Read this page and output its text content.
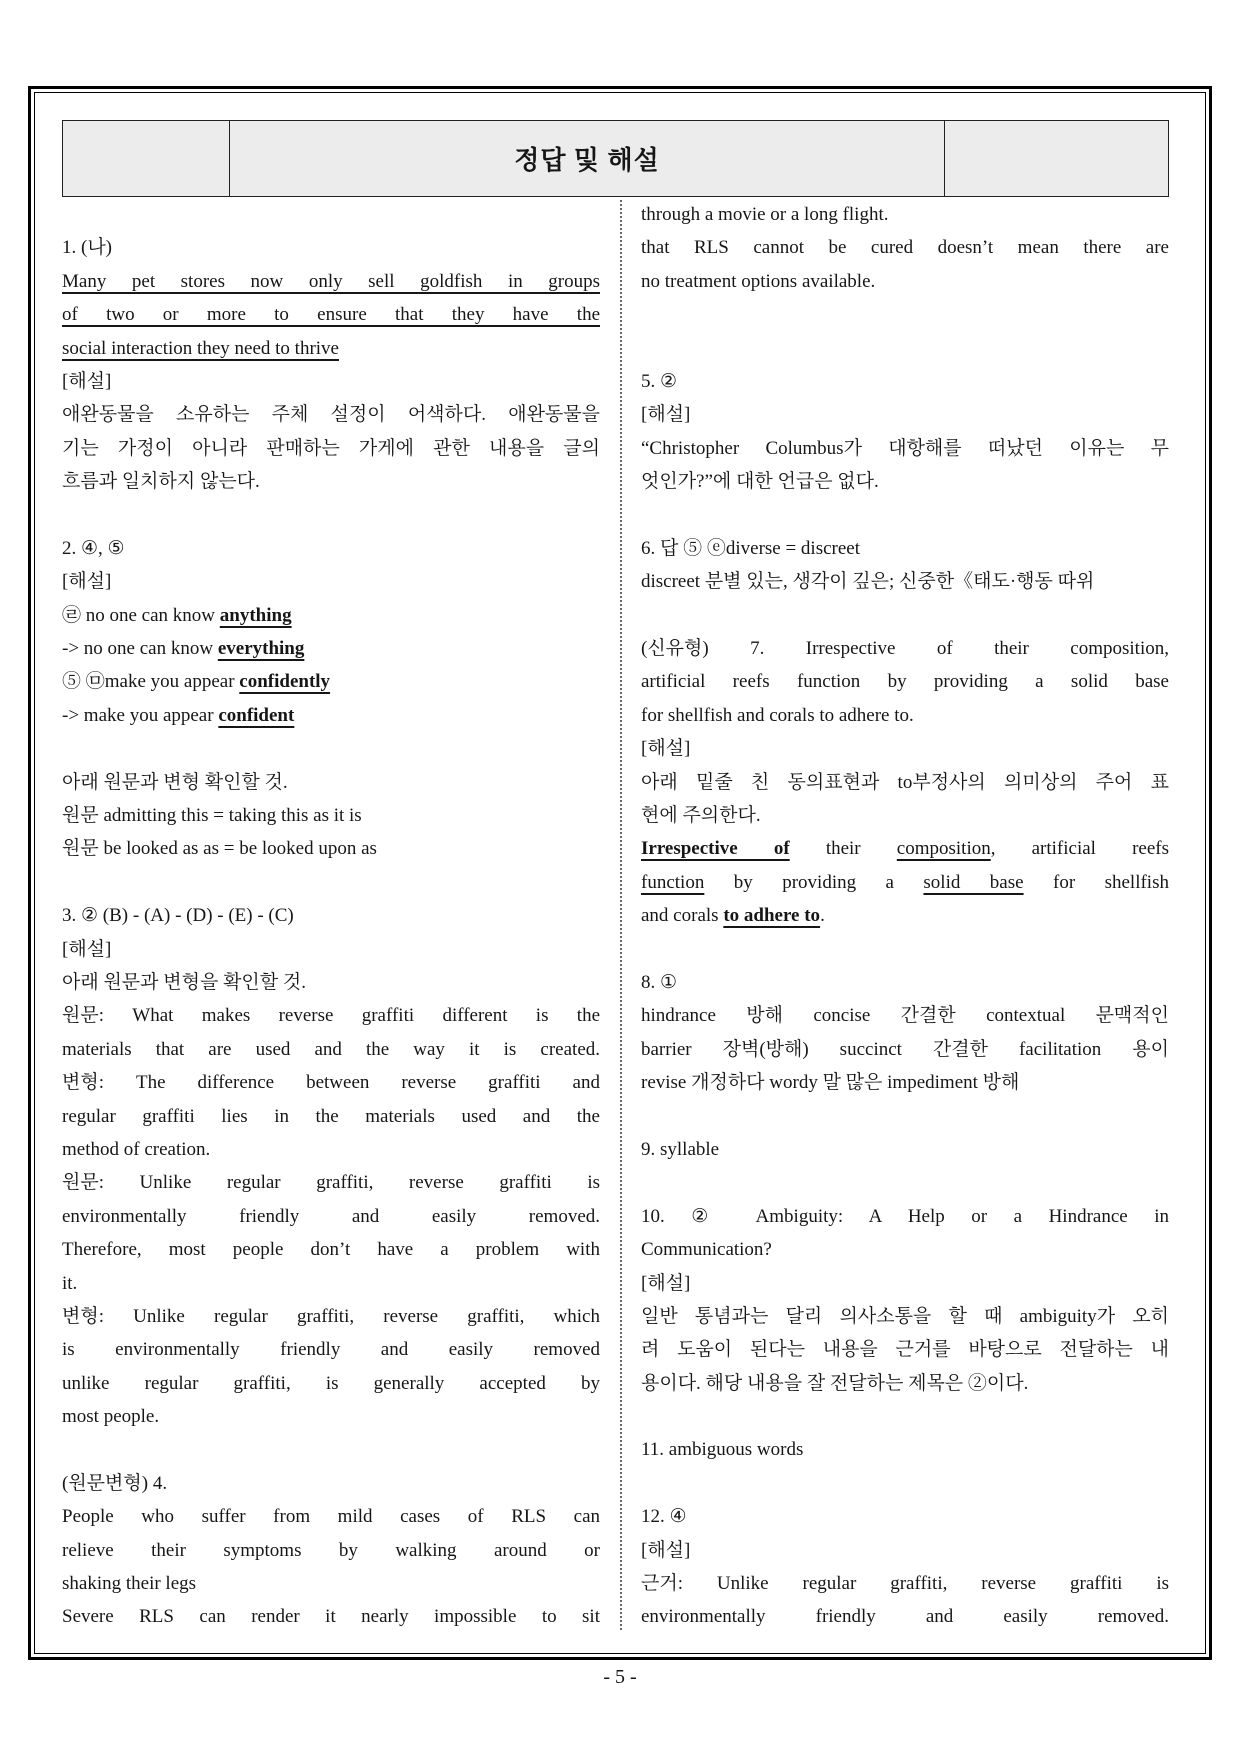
정답 및 해설

1. (나)
Many pet stores now only sell goldfish in groups
of two or more to ensure that they have the
social interaction they need to thrive
[해설]
애완동물을 소유하는 주체 설정이 어색하다. 애완동물을
기는 가정이 아니라 판매하는 가게에 관한 내용을 글의
흐름과 일치하지 않는다.

2. ④, ⑤
[해설]
㉣ no one can know anything
-> no one can know everything
⑤ ㉤make you appear confidently
-> make you appear confident

아래 원문과 변형 확인할 것.
원문 admitting this = taking this as it is
원문 be looked as as = be looked upon as

3. ② (B) - (A) - (D) - (E) - (C)
[해설]
아래 원문과 변형을 확인할 것.
원문: What makes reverse graffiti different is the
materials that are used and the way it is created.
변형: The difference between reverse graffiti and
regular graffiti lies in the materials used and the
method of creation.
원문: Unlike regular graffiti, reverse graffiti is
environmentally friendly and easily removed.
Therefore, most people don’t have a problem with
it.
변형: Unlike regular graffiti, reverse graffiti, which
is environmentally friendly and easily removed
unlike regular graffiti, is generally accepted by
most people.

(원문변형) 4.
People who suffer from mild cases of RLS can
relieve their symptoms by walking around or
shaking their legs
Severe RLS can render it nearly impossible to sit
through a movie or a long flight.
that RLS cannot be cured doesn’t mean there are
no treatment options available.

5. ②
[해설]
“Christopher Columbus가 대항해를 떠났던 이유는 무
엇인가?”에 대한 언급은 없다.

6. 답 ⑤ ⓔdiverse = discreet
discreet 분별 있는, 생각이 깊은; 신중한《태도·행동 따위

(신유형) 7. Irrespective of their composition,
artificial reefs function by providing a solid base
for shellfish and corals to adhere to.
[해설]
아래 밑줄 친 동의표현과 to부정사의 의미상의 주어 표
현에 주의한다.
Irrespective of their composition, artificial reefs
function by providing a solid base for shellfish
and corals to adhere to.

8. ①
hindrance 방해 concise 간결한 contextual 문맥적인
barrier 장벽(방해) succinct 간결한 facilitation 용이
revise 개정하다 wordy 말 많은 impediment 방해

9. syllable

10. ② Ambiguity: A Help or a Hindrance in
Communication?
[해설]
일반 통념과는 달리 의사소통을 할 때 ambiguity가 오히
려 도움이 된다는 내용을 근거를 바탕으로 전달하는 내
용이다. 해당 내용을 잘 전달하는 제목은 ②이다.

11. ambiguous words

12. ④
[해설]
근거: Unlike regular graffiti, reverse graffiti is
environmentally friendly and easily removed.
- 5 -
